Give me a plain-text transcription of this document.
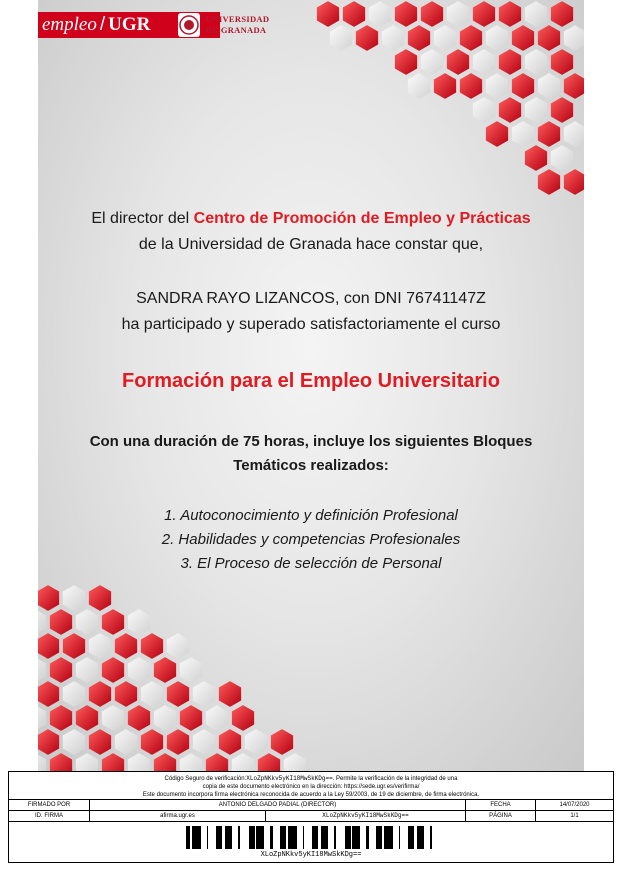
empleo / UGR	UNIVERSIDAD
DE GRANADA
El director del Centro de Promoción de Empleo y Prácticas
de la Universidad de Granada hace constar que,
SANDRA RAYO LIZANCOS, con DNI 76741147Z
ha participado y superado satisfactoriamente el curso
Formación para el Empleo Universitario
Con una duración de 75 horas, incluye los siguientes Bloques
Temáticos realizados:
1. Autoconocimiento y definición Profesional
2. Habilidades y competencias Profesionales
3. El Proceso de selección de Personal
Código Seguro de verificación:XLoZpNKkv5yKI18MwSkKDg==. Permite la verificación de la integridad de una
copia de este documento electrónico en la dirección: https://sede.ugr.es/verifirma/
Este documento incorpora firma electrónica reconocida de acuerdo a la Ley 59/2003, de 19 de diciembre, de firma electrónica.
FIRMADO POR	ANTONIO DELGADO PADIAL (DIRECTOR)	FECHA	14/07/2020
ID. FIRMA	afirma.ugr.es	XLoZpNKkv5yKI18MwSkKDg==	PÁGINA	1/1
XLoZpNKkv5yKI18MwSkKDg==
